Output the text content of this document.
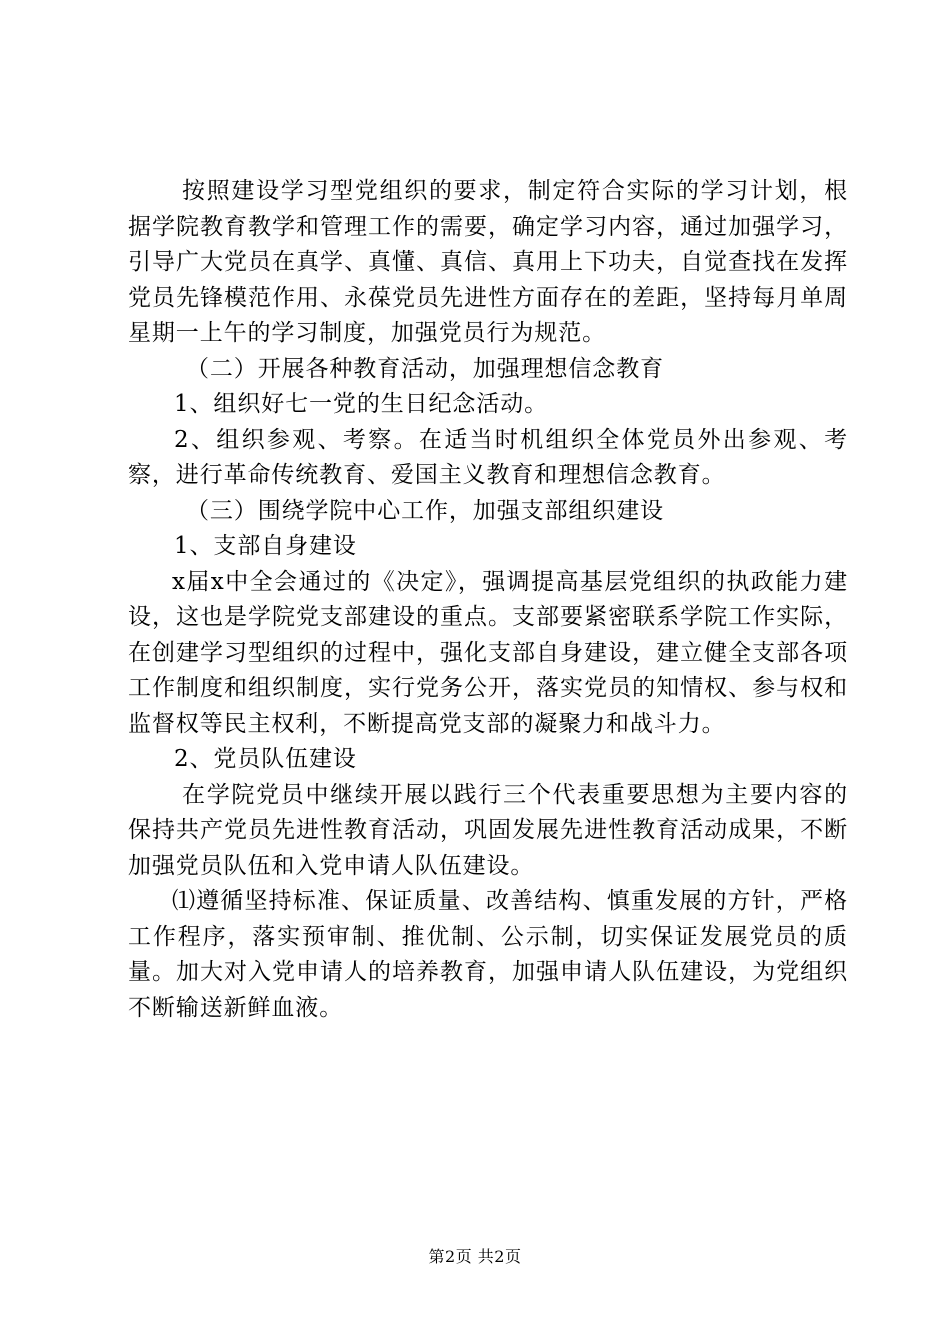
按照建设学习型党组织的要求，制定符合实际的学习计划，根据学院教育教学和管理工作的需要，确定学习内容，通过加强学习，引导广大党员在真学、真懂、真信、真用上下功夫，自觉查找在发挥党员先锋模范作用、永葆党员先进性方面存在的差距，坚持每月单周星期一上午的学习制度，加强党员行为规范。

（二）开展各种教育活动，加强理想信念教育

1、组织好七一党的生日纪念活动。

2、组织参观、考察。在适当时机组织全体党员外出参观、考察，进行革命传统教育、爱国主义教育和理想信念教育。

（三）围绕学院中心工作，加强支部组织建设

1、支部自身建设

x届x中全会通过的《决定》，强调提高基层党组织的执政能力建设，这也是学院党支部建设的重点。支部要紧密联系学院工作实际，在创建学习型组织的过程中，强化支部自身建设，建立健全支部各项工作制度和组织制度，实行党务公开，落实党员的知情权、参与权和监督权等民主权利，不断提高党支部的凝聚力和战斗力。

2、党员队伍建设

在学院党员中继续开展以践行三个代表重要思想为主要内容的保持共产党员先进性教育活动，巩固发展先进性教育活动成果，不断加强党员队伍和入党申请人队伍建设。

⑴遵循坚持标准、保证质量、改善结构、慎重发展的方针，严格工作程序，落实预审制、推优制、公示制，切实保证发展党员的质量。加大对入党申请人的培养教育，加强申请人队伍建设，为党组织不断输送新鲜血液。

第2页 共2页
